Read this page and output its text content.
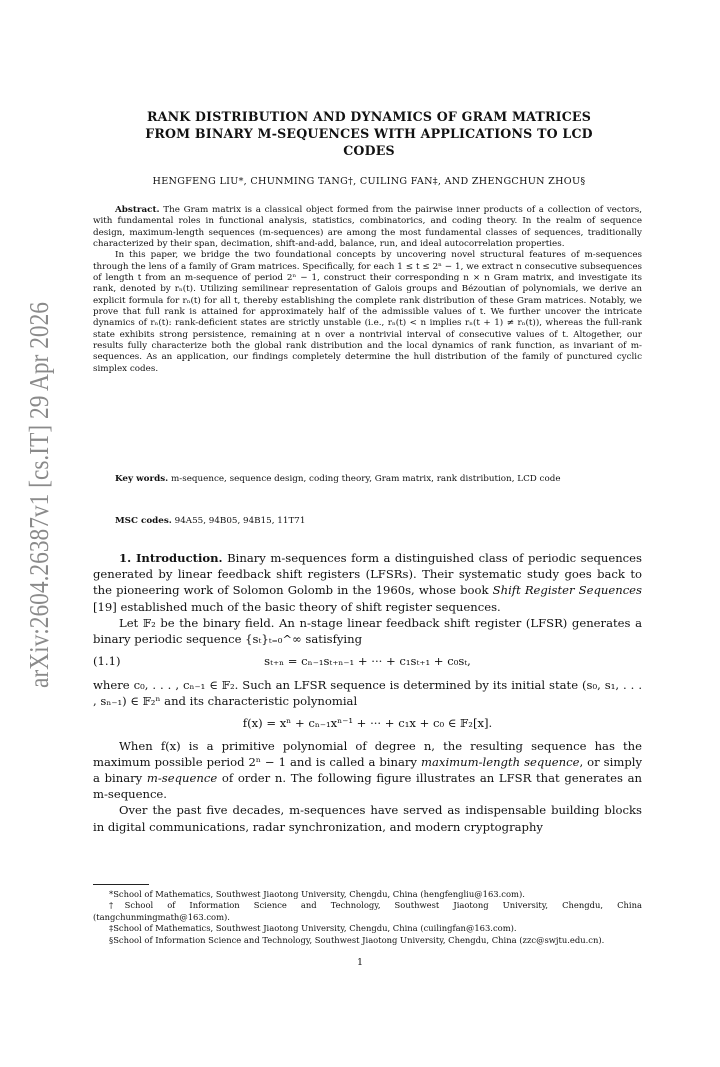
arXiv:2604.26387v1 [cs.IT] 29 Apr 2026
RANK DISTRIBUTION AND DYNAMICS OF GRAM MATRICES
FROM BINARY M-SEQUENCES WITH APPLICATIONS TO LCD
CODES
HENGFENG LIU*, CHUNMING TANG†, CUILING FAN‡, AND ZHENGCHUN ZHOU§

Abstract. The Gram matrix is a classical object formed from the pairwise inner products of a collection of vectors, with fundamental roles in functional analysis, statistics, combinatorics, and coding theory. In the realm of sequence design, maximum-length sequences (m-sequences) are among the most fundamental classes of sequences, traditionally characterized by their span, decimation, shift-and-add, balance, run, and ideal autocorrelation properties.

In this paper, we bridge the two foundational concepts by uncovering novel structural features of m-sequences through the lens of a family of Gram matrices. Specifically, for each 1 ≤ t ≤ 2ⁿ − 1, we extract n consecutive subsequences of length t from an m-sequence of period 2ⁿ − 1, construct their corresponding n × n Gram matrix, and investigate its rank, denoted by rₙ(t). Utilizing semilinear representation of Galois groups and Bézoutian of polynomials, we derive an explicit formula for rₙ(t) for all t, thereby establishing the complete rank distribution of these Gram matrices. Notably, we prove that full rank is attained for approximately half of the admissible values of t. We further uncover the intricate dynamics of rₙ(t): rank-deficient states are strictly unstable (i.e., rₙ(t) < n implies rₙ(t + 1) ≠ rₙ(t)), whereas the full-rank state exhibits strong persistence, remaining at n over a nontrivial interval of consecutive values of t. Altogether, our results fully characterize both the global rank distribution and the local dynamics of rank function, as invariant of m-sequences. As an application, our findings completely determine the hull distribution of the family of punctured cyclic simplex codes.

Key words. m-sequence, sequence design, coding theory, Gram matrix, rank distribution, LCD code
MSC codes. 94A55, 94B05, 94B15, 11T71

1. Introduction. Binary m-sequences form a distinguished class of periodic sequences generated by linear feedback shift registers (LFSRs). Their systematic study goes back to the pioneering work of Solomon Golomb in the 1960s, whose book Shift Register Sequences [19] established much of the basic theory of shift register sequences.

Let 𝔽₂ be the binary field. An n-stage linear feedback shift register (LFSR) generates a binary periodic sequence {sₜ}ₜ₌₀^∞ satisfying

(1.1)	sₜ₊ₙ = cₙ₋₁sₜ₊ₙ₋₁ + ··· + c₁sₜ₊₁ + c₀sₜ,

where c₀, . . . , cₙ₋₁ ∈ 𝔽₂. Such an LFSR sequence is determined by its initial state (s₀, s₁, . . . , sₙ₋₁) ∈ 𝔽₂ⁿ and its characteristic polynomial

f(x) = xⁿ + cₙ₋₁xⁿ⁻¹ + ··· + c₁x + c₀ ∈ 𝔽₂[x].

When f(x) is a primitive polynomial of degree n, the resulting sequence has the maximum possible period 2ⁿ − 1 and is called a binary maximum-length sequence, or simply a binary m-sequence of order n. The following figure illustrates an LFSR that generates an m-sequence.

Over the past five decades, m-sequences have served as indispensable building blocks in digital communications, radar synchronization, and modern cryptography

*School of Mathematics, Southwest Jiaotong University, Chengdu, China (hengfengliu@163.com).

†School of Information Science and Technology, Southwest Jiaotong University, Chengdu, China (tangchunmingmath@163.com).

‡School of Mathematics, Southwest Jiaotong University, Chengdu, China (cuilingfan@163.com).

§School of Information Science and Technology, Southwest Jiaotong University, Chengdu, China (zzc@swjtu.edu.cn).

1
